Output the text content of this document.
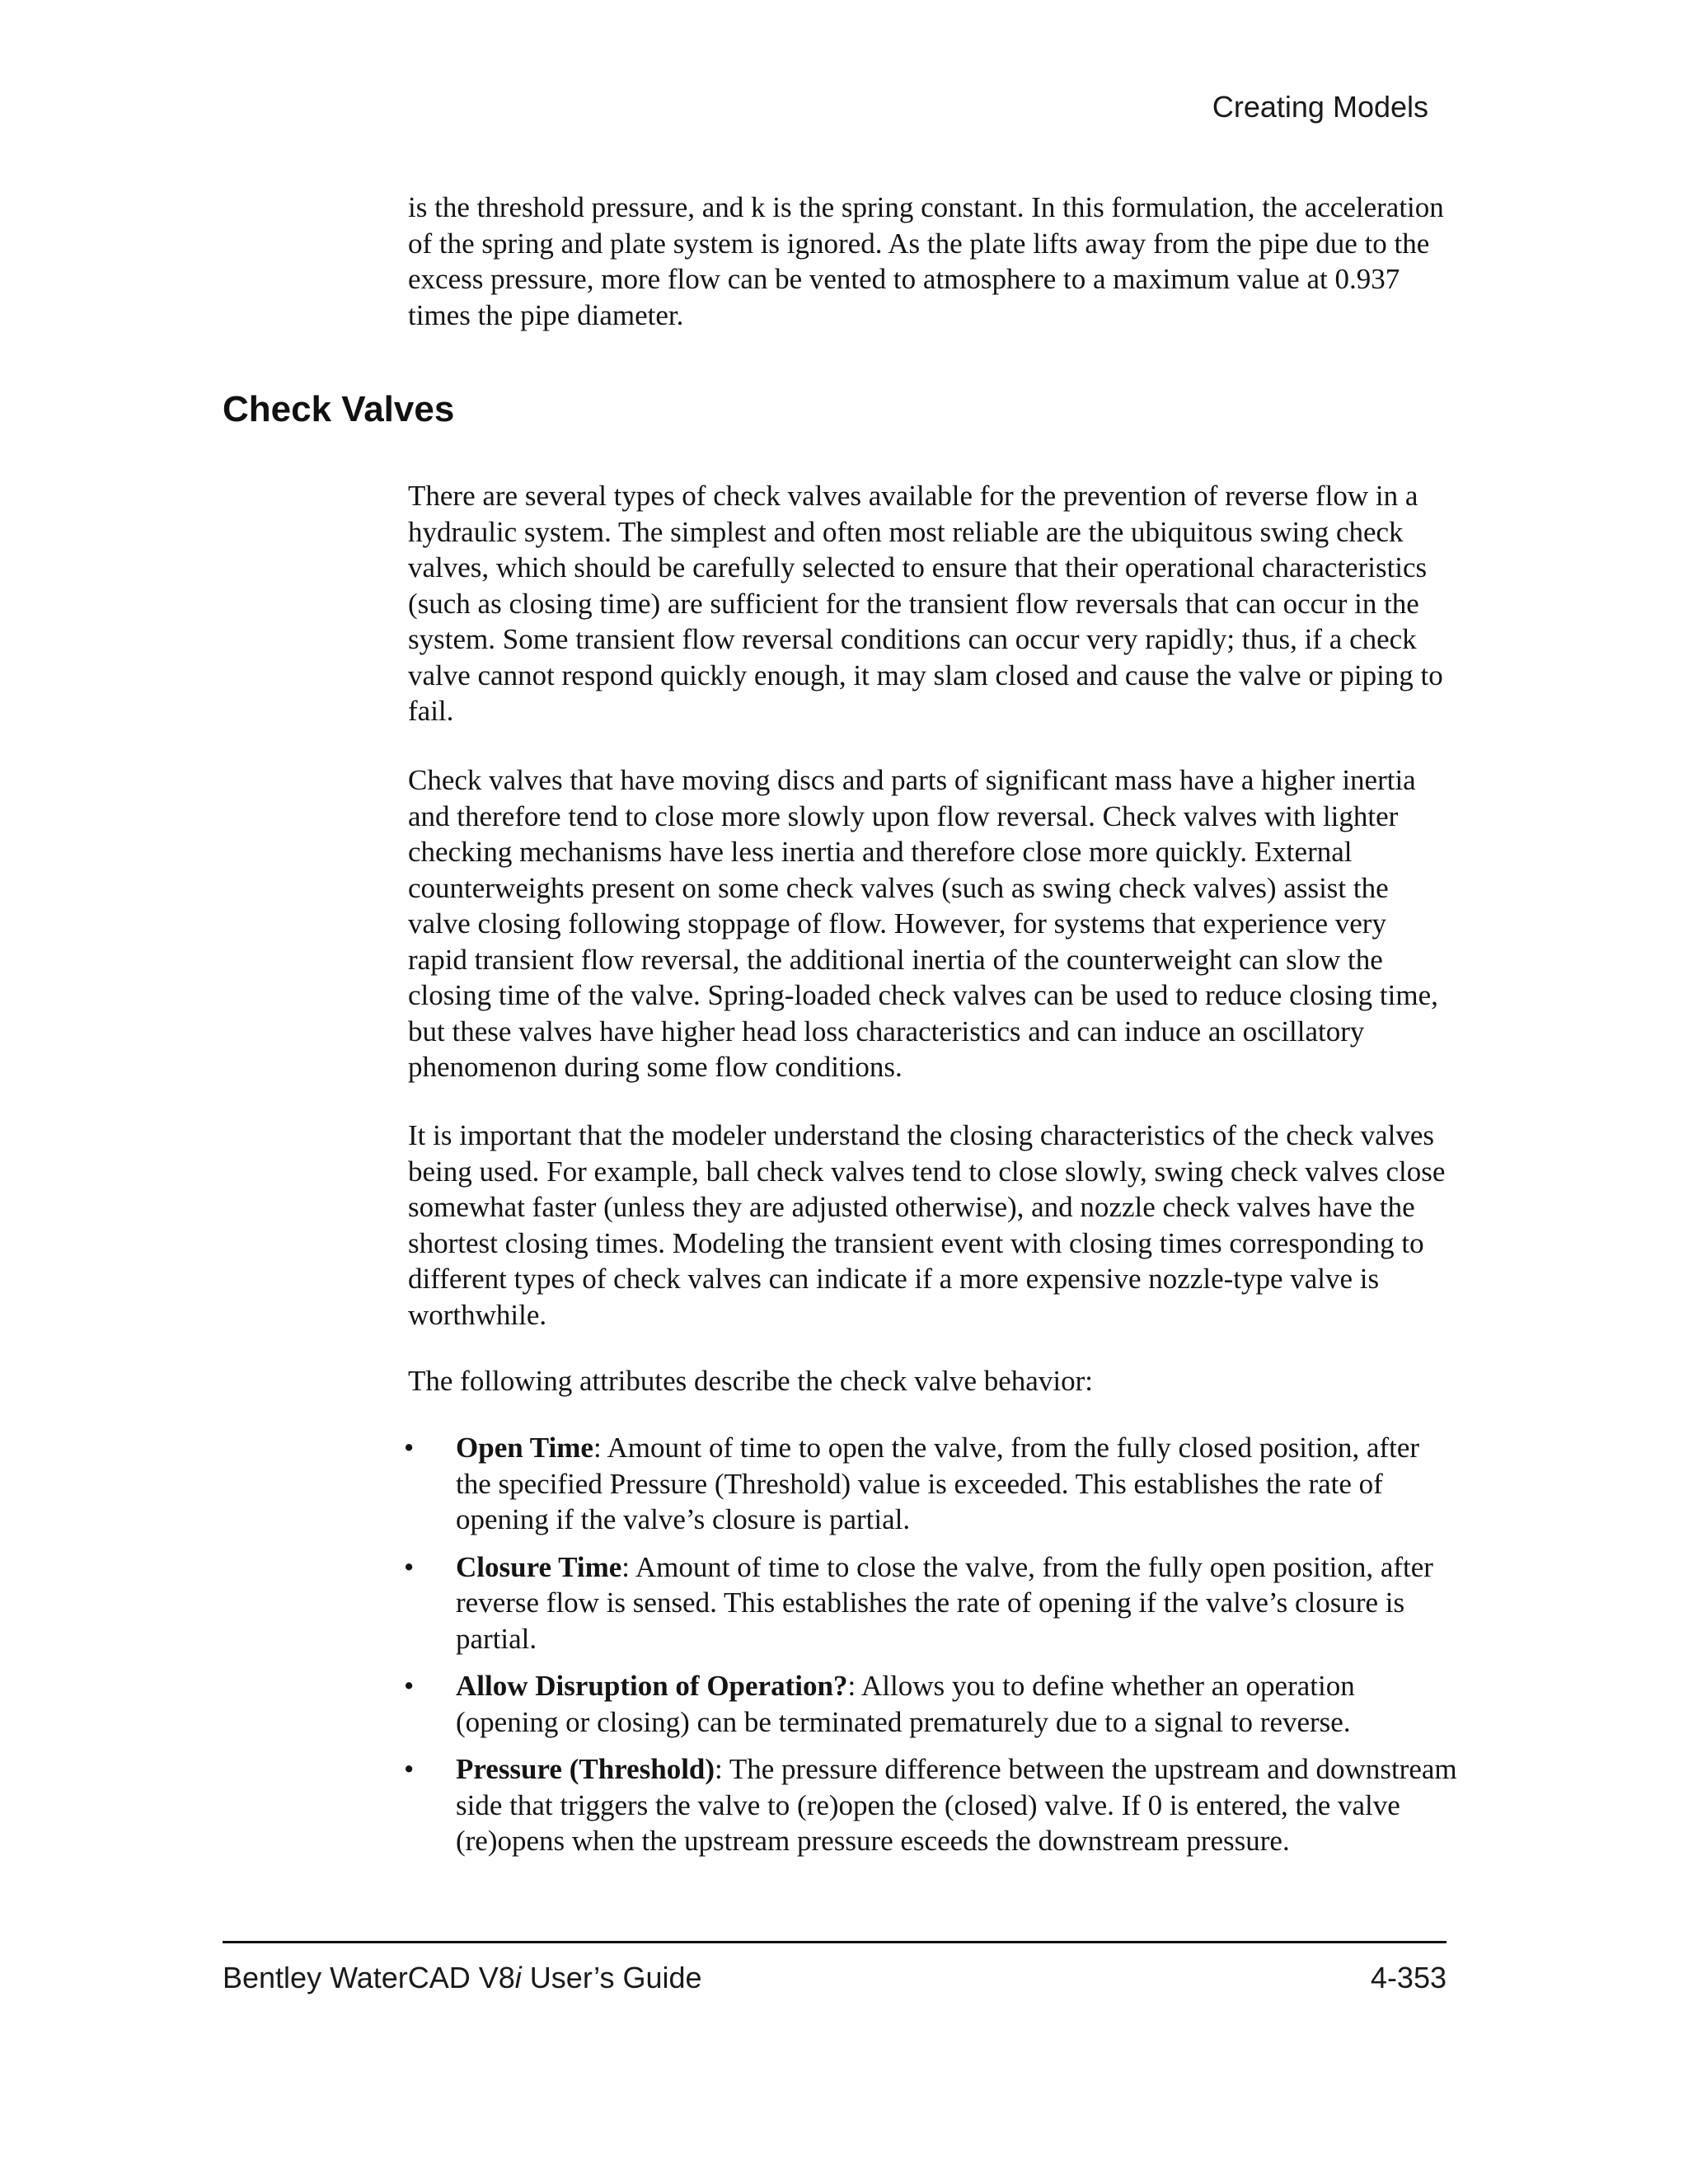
Creating Models

is the threshold pressure, and k is the spring constant. In this formulation, the acceleration of the spring and plate system is ignored. As the plate lifts away from the pipe due to the excess pressure, more flow can be vented to atmosphere to a maximum value at 0.937 times the pipe diameter.

Check Valves

There are several types of check valves available for the prevention of reverse flow in a hydraulic system. The simplest and often most reliable are the ubiquitous swing check valves, which should be carefully selected to ensure that their operational characteristics (such as closing time) are sufficient for the transient flow reversals that can occur in the system. Some transient flow reversal conditions can occur very rapidly; thus, if a check valve cannot respond quickly enough, it may slam closed and cause the valve or piping to fail.

Check valves that have moving discs and parts of significant mass have a higher inertia and therefore tend to close more slowly upon flow reversal. Check valves with lighter checking mechanisms have less inertia and therefore close more quickly. External counterweights present on some check valves (such as swing check valves) assist the valve closing following stoppage of flow. However, for systems that experience very rapid transient flow reversal, the additional inertia of the counterweight can slow the closing time of the valve. Spring-loaded check valves can be used to reduce closing time, but these valves have higher head loss characteristics and can induce an oscillatory phenomenon during some flow conditions.

It is important that the modeler understand the closing characteristics of the check valves being used. For example, ball check valves tend to close slowly, swing check valves close somewhat faster (unless they are adjusted otherwise), and nozzle check valves have the shortest closing times. Modeling the transient event with closing times corresponding to different types of check valves can indicate if a more expensive nozzle-type valve is worthwhile.

The following attributes describe the check valve behavior:

• Open Time: Amount of time to open the valve, from the fully closed position, after the specified Pressure (Threshold) value is exceeded. This establishes the rate of opening if the valve’s closure is partial.
• Closure Time: Amount of time to close the valve, from the fully open position, after reverse flow is sensed. This establishes the rate of opening if the valve’s closure is partial.
• Allow Disruption of Operation?: Allows you to define whether an operation (opening or closing) can be terminated prematurely due to a signal to reverse.
• Pressure (Threshold): The pressure difference between the upstream and downstream side that triggers the valve to (re)open the (closed) valve. If 0 is entered, the valve (re)opens when the upstream pressure esceeds the downstream pressure.
Bentley WaterCAD V8i User’s Guide	4-353
